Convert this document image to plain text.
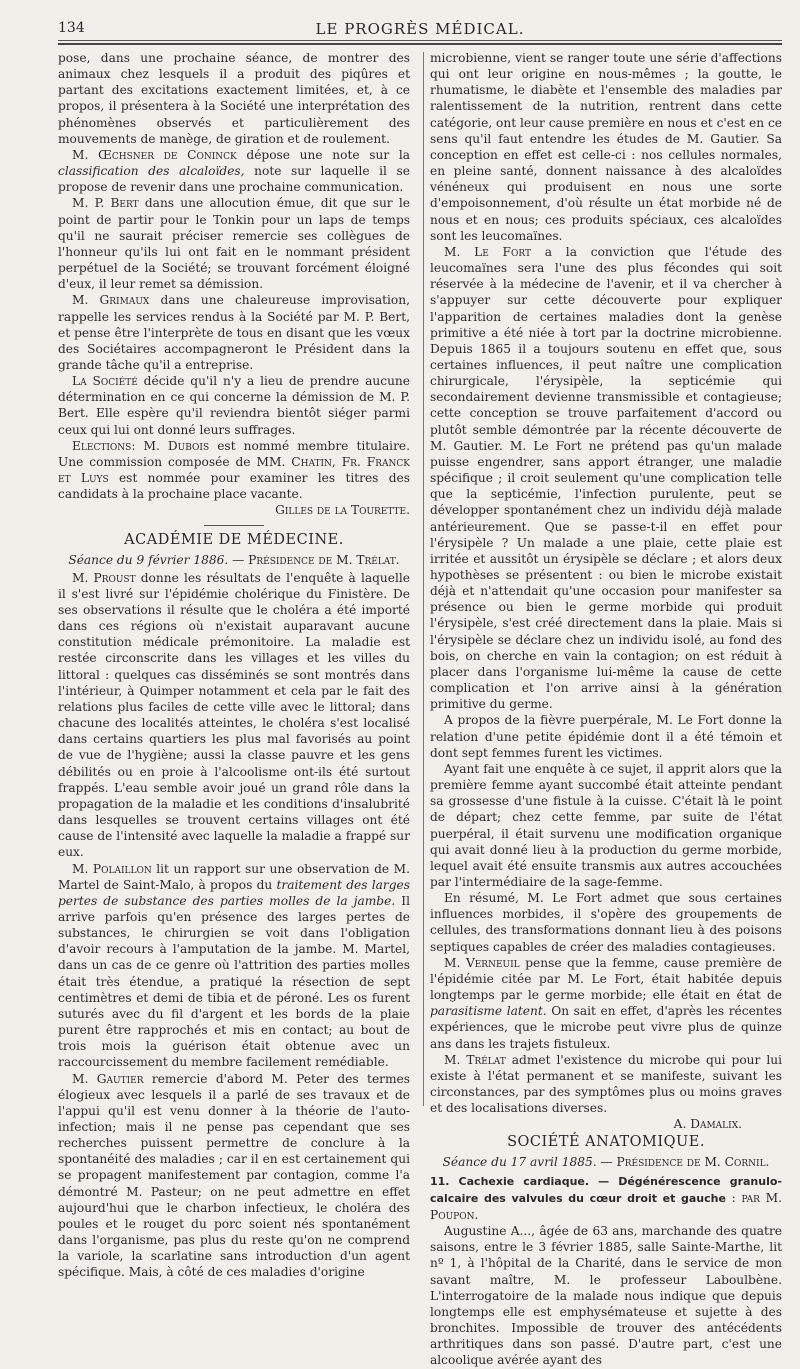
134	LE PROGRÈS MÉDICAL.

pose, dans une prochaine séance, de montrer des animaux chez lesquels il a produit des piqûres et partant des excitations exactement limitées, et, à ce propos, il présentera à la Société une interprétation des phénomènes observés et particulièrement des mouvements de manège, de giration et de roulement.

M. Œchsner de Coninck dépose une note sur la classification des alcaloïdes, note sur laquelle il se propose de revenir dans une prochaine communication.

M. P. Bert dans une allocution émue, dit que sur le point de partir pour le Tonkin pour un laps de temps qu'il ne saurait préciser remercie ses collègues de l'honneur qu'ils lui ont fait en le nommant président perpétuel de la Société; se trouvant forcément éloigné d'eux, il leur remet sa démission.

M. Grimaux dans une chaleureuse improvisation, rappelle les services rendus à la Société par M. P. Bert, et pense être l'interprète de tous en disant que les vœux des Sociétaires accompagneront le Président dans la grande tâche qu'il a entreprise.

La Société décide qu'il n'y a lieu de prendre aucune détermination en ce qui concerne la démission de M. P. Bert. Elle espère qu'il reviendra bientôt siéger parmi ceux qui lui ont donné leurs suffrages.

Elections: M. Dubois est nommé membre titulaire. Une commission composée de MM. Chatin, Fr. Franck et Luys est nommée pour examiner les titres des candidats à la prochaine place vacante.

Gilles de la Tourette.
ACADÉMIE DE MÉDECINE.
Séance du 9 février 1886. — Présidence de M. Trélat.

M. Proust donne les résultats de l'enquête à laquelle il s'est livré sur l'épidémie cholérique du Finistère. De ses observations il résulte que le choléra a été importé dans ces régions où n'existait auparavant aucune constitution médicale prémonitoire. La maladie est restée circonscrite dans les villages et les villes du littoral : quelques cas disséminés se sont montrés dans l'intérieur, à Quimper notamment et cela par le fait des relations plus faciles de cette ville avec le littoral; dans chacune des localités atteintes, le choléra s'est localisé dans certains quartiers les plus mal favorisés au point de vue de l'hygiène; aussi la classe pauvre et les gens débilités ou en proie à l'alcoolisme ont-ils été surtout frappés. L'eau semble avoir joué un grand rôle dans la propagation de la maladie et les conditions d'insalubrité dans lesquelles se trouvent certains villages ont été cause de l'intensité avec laquelle la maladie a frappé sur eux.

M. Polaillon lit un rapport sur une observation de M. Martel de Saint-Malo, à propos du traitement des larges pertes de substance des parties molles de la jambe. Il arrive parfois qu'en présence des larges pertes de substances, le chirurgien se voit dans l'obligation d'avoir recours à l'amputation de la jambe. M. Martel, dans un cas de ce genre où l'attrition des parties molles était très étendue, a pratiqué la résection de sept centimètres et demi de tibia et de péroné. Les os furent suturés avec du fil d'argent et les bords de la plaie purent être rapprochés et mis en contact; au bout de trois mois la guérison était obtenue avec un raccourcissement du membre facilement remédiable.

M. Gautier remercie d'abord M. Peter des termes élogieux avec lesquels il a parlé de ses travaux et de l'appui qu'il est venu donner à la théorie de l'auto-infection; mais il ne pense pas cependant que ses recherches puissent permettre de conclure à la spontanéité des maladies ; car il en est certainement qui se propagent manifestement par contagion, comme l'a démontré M. Pasteur; on ne peut admettre en effet aujourd'hui que le charbon infectieux, le choléra des poules et le rouget du porc soient nés spontanément dans l'organisme, pas plus du reste qu'on ne comprend la variole, la scarlatine sans introduction d'un agent spécifique. Mais, à côté de ces maladies d'origine

microbienne, vient se ranger toute une série d'affections qui ont leur origine en nous-mêmes ; la goutte, le rhumatisme, le diabète et l'ensemble des maladies par ralentissement de la nutrition, rentrent dans cette catégorie, ont leur cause première en nous et c'est en ce sens qu'il faut entendre les études de M. Gautier. Sa conception en effet est celle-ci : nos cellules normales, en pleine santé, donnent naissance à des alcaloïdes vénéneux qui produisent en nous une sorte d'empoisonnement, d'où résulte un état morbide né de nous et en nous; ces produits spéciaux, ces alcaloïdes sont les leucomaïnes.

M. Le Fort a la conviction que l'étude des leucomaïnes sera l'une des plus fécondes qui soit réservée à la médecine de l'avenir, et il va chercher à s'appuyer sur cette découverte pour expliquer l'apparition de certaines maladies dont la genèse primitive a été niée à tort par la doctrine microbienne. Depuis 1865 il a toujours soutenu en effet que, sous certaines influences, il peut naître une complication chirurgicale, l'érysipèle, la septicémie qui secondairement devienne transmissible et contagieuse; cette conception se trouve parfaitement d'accord ou plutôt semble démontrée par la récente découverte de M. Gautier. M. Le Fort ne prétend pas qu'un malade puisse engendrer, sans apport étranger, une maladie spécifique ; il croit seulement qu'une complication telle que la septicémie, l'infection purulente, peut se développer spontanément chez un individu déjà malade antérieurement. Que se passe-t-il en effet pour l'érysipèle ? Un malade a une plaie, cette plaie est irritée et aussitôt un érysipèle se déclare ; et alors deux hypothèses se présentent : ou bien le microbe existait déjà et n'attendait qu'une occasion pour manifester sa présence ou bien le germe morbide qui produit l'érysipèle, s'est créé directement dans la plaie. Mais si l'érysipèle se déclare chez un individu isolé, au fond des bois, on cherche en vain la contagion; on est réduit à placer dans l'organisme lui-même la cause de cette complication et l'on arrive ainsi à la génération primitive du germe.

A propos de la fièvre puerpérale, M. Le Fort donne la relation d'une petite épidémie dont il a été témoin et dont sept femmes furent les victimes.

Ayant fait une enquête à ce sujet, il apprit alors que la première femme ayant succombé était atteinte pendant sa grossesse d'une fistule à la cuisse. C'était là le point de départ; chez cette femme, par suite de l'état puerpéral, il était survenu une modification organique qui avait donné lieu à la production du germe morbide, lequel avait été ensuite transmis aux autres accouchées par l'intermédiaire de la sage-femme.

En résumé, M. Le Fort admet que sous certaines influences morbides, il s'opère des groupements de cellules, des transformations donnant lieu à des poisons septiques capables de créer des maladies contagieuses.

M. Verneuil pense que la femme, cause première de l'épidémie citée par M. Le Fort, était habitée depuis longtemps par le germe morbide; elle était en état de parasitisme latent. On sait en effet, d'après les récentes expériences, que le microbe peut vivre plus de quinze ans dans les trajets fistuleux.

M. Trélat admet l'existence du microbe qui pour lui existe à l'état permanent et se manifeste, suivant les circonstances, par des symptômes plus ou moins graves et des localisations diverses.

A. Damalix.
SOCIÉTÉ ANATOMIQUE.
Séance du 17 avril 1885. — Présidence de M. Cornil.

11. Cachexie cardiaque. — Dégénérescence granulo-calcaire des valvules du cœur droit et gauche : par M. Poupon.

Augustine A..., âgée de 63 ans, marchande des quatre saisons, entre le 3 février 1885, salle Sainte-Marthe, lit nº 1, à l'hôpital de la Charité, dans le service de mon savant maître, M. le professeur Laboulbène. L'interrogatoire de la malade nous indique que depuis longtemps elle est emphysémateuse et sujette à des bronchites. Impossible de trouver des antécédents arthritiques dans son passé. D'autre part, c'est une alcoolique avérée ayant des
